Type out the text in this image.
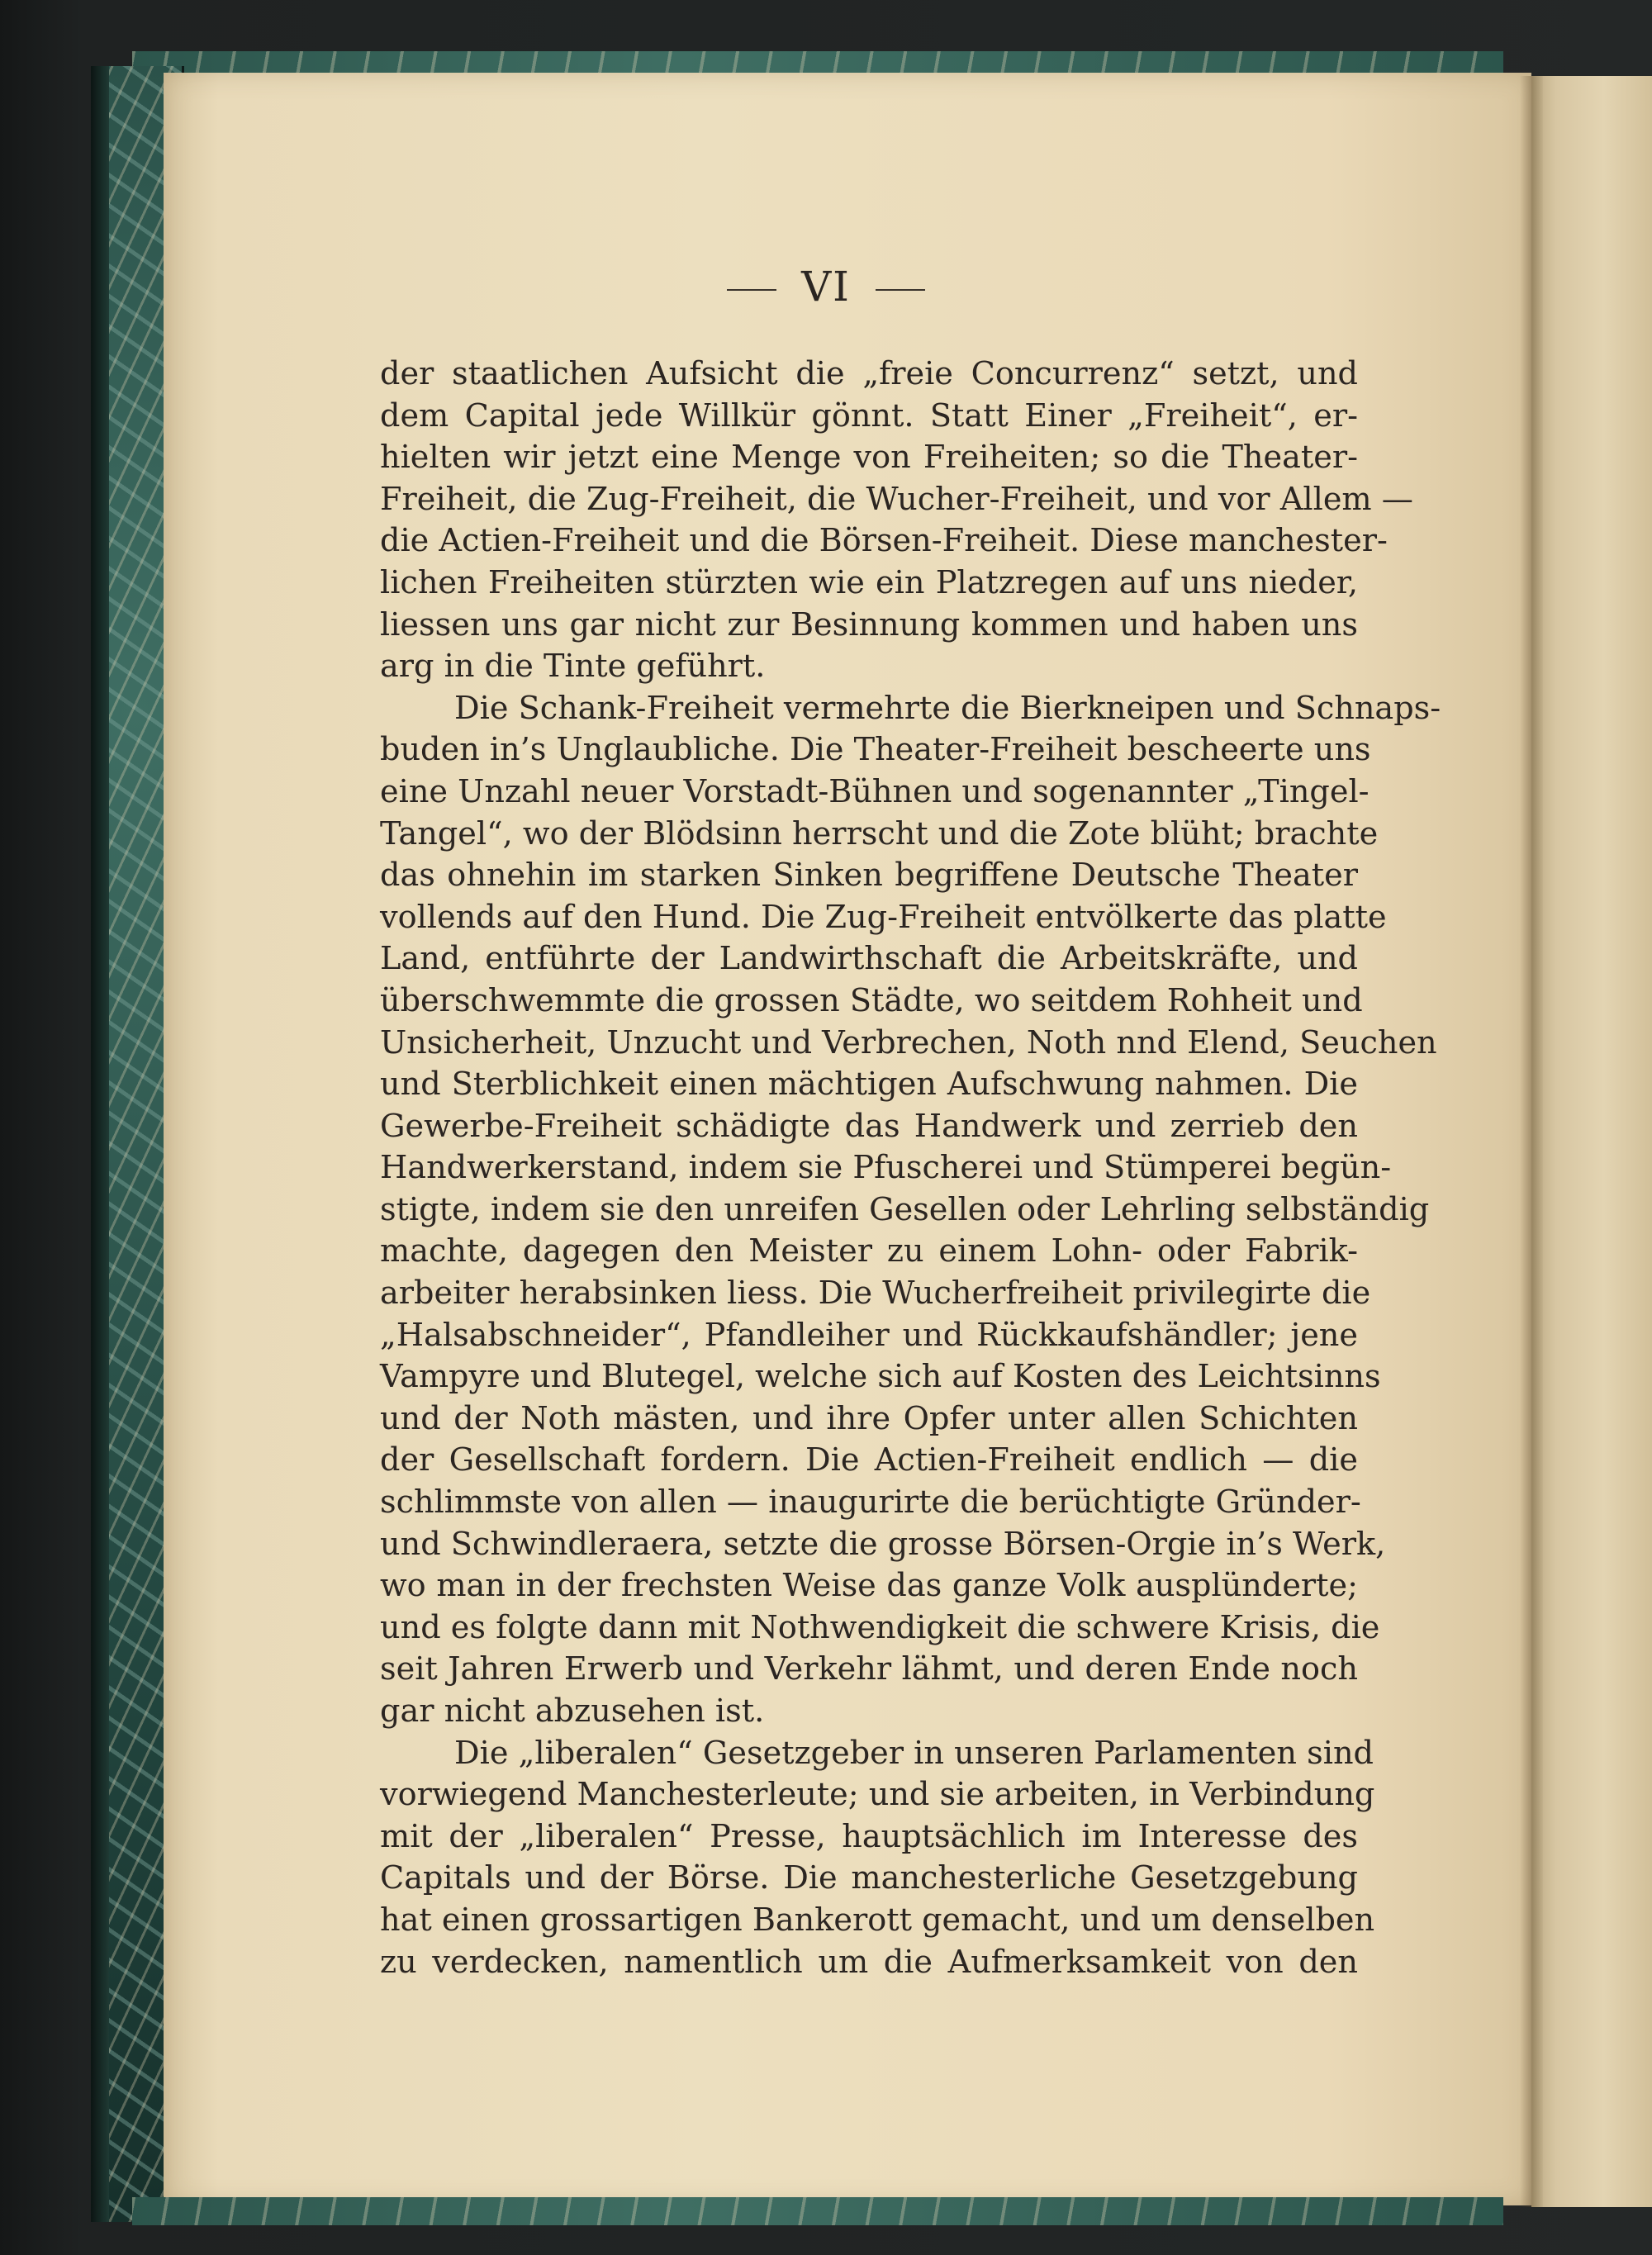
VI
der staatlichen Aufsicht die „freie Concurrenz“ setzt, und
dem Capital jede Willkür gönnt. Statt Einer „Freiheit“, er-
hielten wir jetzt eine Menge von Freiheiten; so die Theater-
Freiheit, die Zug-Freiheit, die Wucher-Freiheit, und vor Allem —
die Actien-Freiheit und die Börsen-Freiheit. Diese manchester-
lichen Freiheiten stürzten wie ein Platzregen auf uns nieder,
liessen uns gar nicht zur Besinnung kommen und haben uns
arg in die Tinte geführt.
Die Schank-Freiheit vermehrte die Bierkneipen und Schnaps-
buden in’s Unglaubliche. Die Theater-Freiheit bescheerte uns
eine Unzahl neuer Vorstadt-Bühnen und sogenannter „Tingel-
Tangel“, wo der Blödsinn herrscht und die Zote blüht; brachte
das ohnehin im starken Sinken begriffene Deutsche Theater
vollends auf den Hund. Die Zug-Freiheit entvölkerte das platte
Land, entführte der Landwirthschaft die Arbeitskräfte, und
überschwemmte die grossen Städte, wo seitdem Rohheit und
Unsicherheit, Unzucht und Verbrechen, Noth nnd Elend, Seuchen
und Sterblichkeit einen mächtigen Aufschwung nahmen. Die
Gewerbe-Freiheit schädigte das Handwerk und zerrieb den
Handwerkerstand, indem sie Pfuscherei und Stümperei begün-
stigte, indem sie den unreifen Gesellen oder Lehrling selbständig
machte, dagegen den Meister zu einem Lohn- oder Fabrik-
arbeiter herabsinken liess. Die Wucherfreiheit privilegirte die
„Halsabschneider“, Pfandleiher und Rückkaufshändler; jene
Vampyre und Blutegel, welche sich auf Kosten des Leichtsinns
und der Noth mästen, und ihre Opfer unter allen Schichten
der Gesellschaft fordern. Die Actien-Freiheit endlich — die
schlimmste von allen — inaugurirte die berüchtigte Gründer-
und Schwindleraera, setzte die grosse Börsen-Orgie in’s Werk,
wo man in der frechsten Weise das ganze Volk ausplünderte;
und es folgte dann mit Nothwendigkeit die schwere Krisis, die
seit Jahren Erwerb und Verkehr lähmt, und deren Ende noch
gar nicht abzusehen ist.
Die „liberalen“ Gesetzgeber in unseren Parlamenten sind
vorwiegend Manchesterleute; und sie arbeiten, in Verbindung
mit der „liberalen“ Presse, hauptsächlich im Interesse des
Capitals und der Börse. Die manchesterliche Gesetzgebung
hat einen grossartigen Bankerott gemacht, und um denselben
zu verdecken, namentlich um die Aufmerksamkeit von den
